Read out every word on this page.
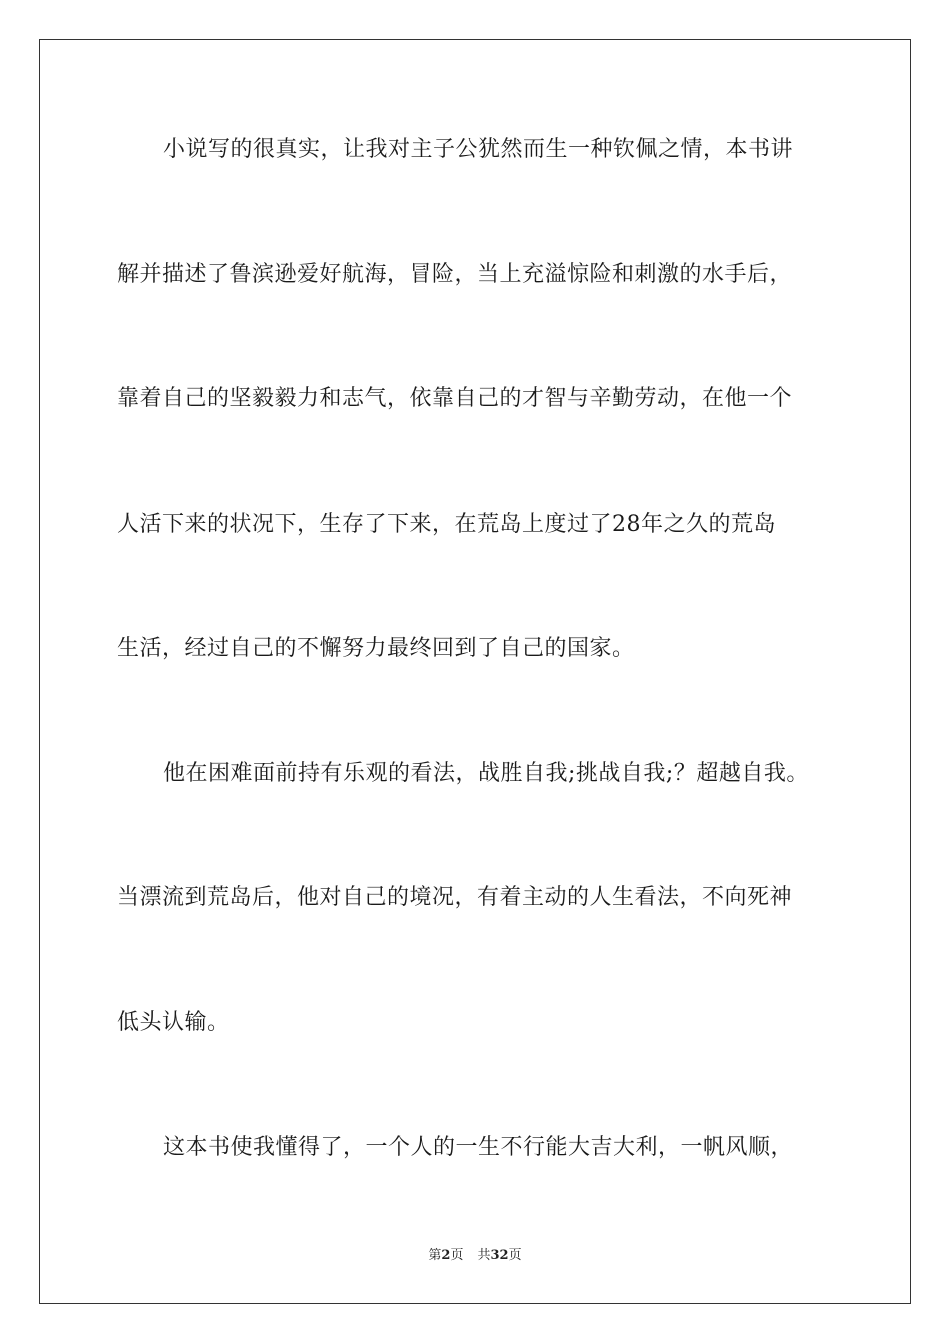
小说写的很真实，让我对主子公犹然而生一种钦佩之情，本书讲
解并描述了鲁滨逊爱好航海，冒险，当上充溢惊险和刺激的水手后，
靠着自己的坚毅毅力和志气，依靠自己的才智与辛勤劳动，在他一个
人活下来的状况下，生存了下来，在荒岛上度过了28年之久的荒岛
生活，经过自己的不懈努力最终回到了自己的国家。
他在困难面前持有乐观的看法，战胜自我;挑战自我;？超越自我。
当漂流到荒岛后，他对自己的境况，有着主动的人生看法，不向死神
低头认输。
这本书使我懂得了，一个人的一生不行能大吉大利，一帆风顺，
第2页 共32页
